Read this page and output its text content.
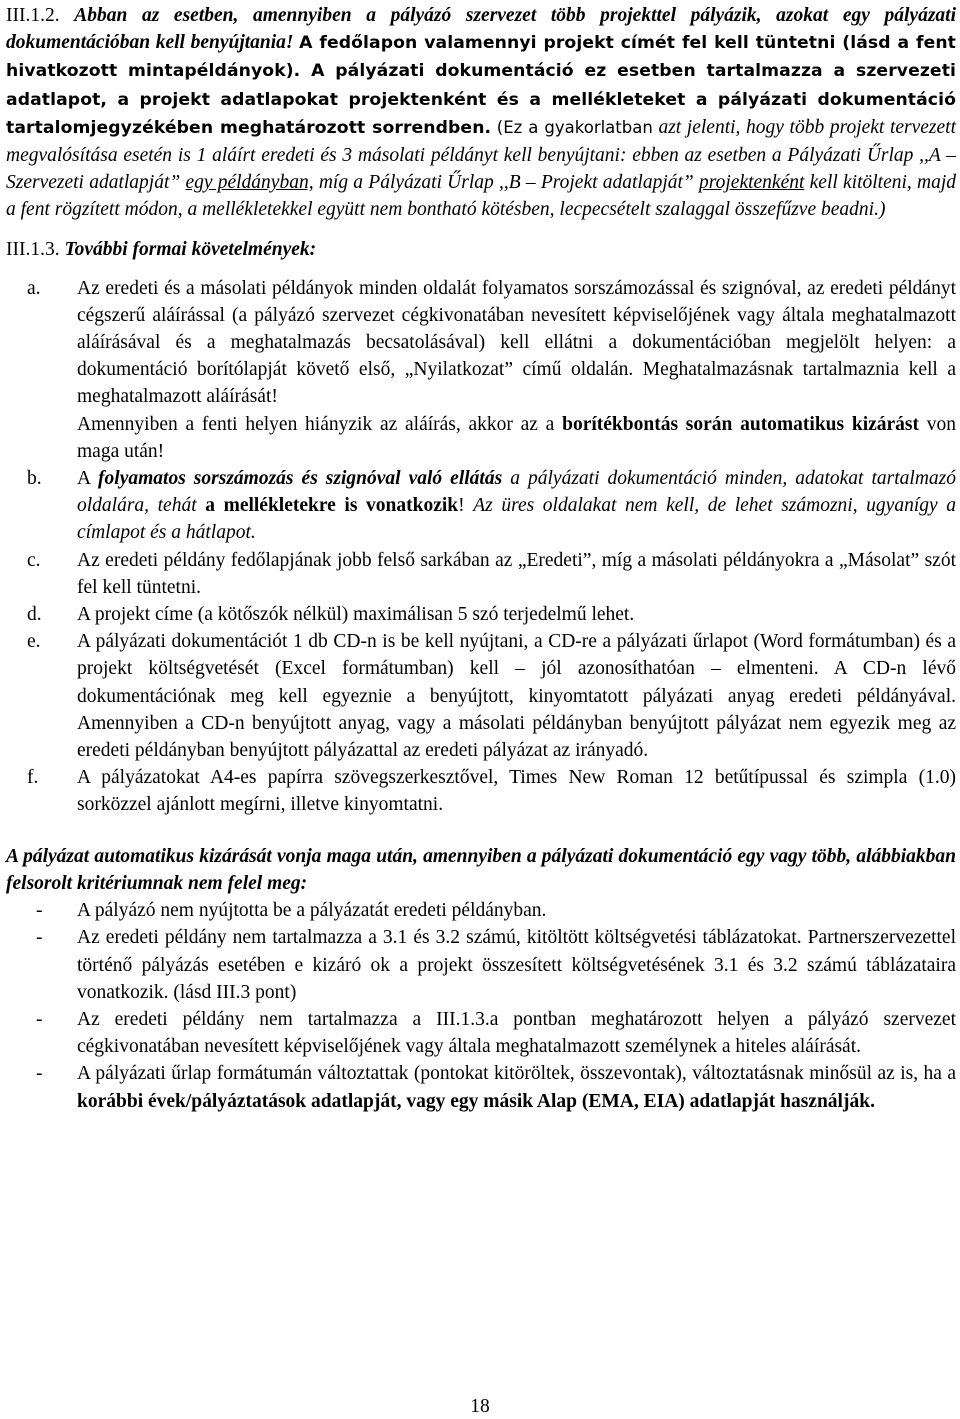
III.1.2. Abban az esetben, amennyiben a pályázó szervezet több projekttel pályázik, azokat egy pályázati dokumentációban kell benyújtania! A fedőlapon valamennyi projekt címét fel kell tüntetni (lásd a fent hivatkozott mintapéldányok). A pályázati dokumentáció ez esetben tartalmazza a szervezeti adatlapot, a projekt adatlapokat projektenként és a mellékleteket a pályázati dokumentáció tartalomjegyzékében meghatározott sorrendben. (Ez a gyakorlatban azt jelenti, hogy több projekt tervezett megvalósítása esetén is 1 aláírt eredeti és 3 másolati példányt kell benyújtani: ebben az esetben a Pályázati Űrlap ,,A – Szervezeti adatlapját” egy példányban, míg a Pályázati Űrlap ,,B – Projekt adatlapját” projektenként kell kitölteni, majd a fent rögzített módon, a mellékletekkel együtt nem bontható kötésben, lecpecsételt szalaggal összefűzve beadni.)

III.1.3. További formai követelmények:

a. Az eredeti és a másolati példányok minden oldalát folyamatos sorszámozással és szignóval, az eredeti példányt cégszerű aláírással (a pályázó szervezet cégkivonatában nevesített képviselőjének vagy általa meghatalmazott aláírásával és a meghatalmazás becsatolásával) kell ellátni a dokumentációban megjelölt helyen: a dokumentáció borítólapját követő első, „Nyilatkozat” című oldalán. Meghatalmazásnak tartalmaznia kell a meghatalmazott aláírását!
Amennyiben a fenti helyen hiányzik az aláírás, akkor az a borítékbontás során automatikus kizárást von maga után!
b. A folyamatos sorszámozás és szignóval való ellátás a pályázati dokumentáció minden, adatokat tartalmazó oldalára, tehát a mellékletekre is vonatkozik! Az üres oldalakat nem kell, de lehet számozni, ugyanígy a címlapot és a hátlapot.
c. Az eredeti példány fedőlapjának jobb felső sarkában az „Eredeti”, míg a másolati példányokra a „Másolat” szót fel kell tüntetni.
d. A projekt címe (a kötőszók nélkül) maximálisan 5 szó terjedelmű lehet.
e. A pályázati dokumentációt 1 db CD-n is be kell nyújtani, a CD-re a pályázati űrlapot (Word formátumban) és a projekt költségvetését (Excel formátumban) kell – jól azonosíthatóan – elmenteni. A CD-n lévő dokumentációnak meg kell egyeznie a benyújtott, kinyomtatott pályázati anyag eredeti példányával. Amennyiben a CD-n benyújtott anyag, vagy a másolati példányban benyújtott pályázat nem egyezik meg az eredeti példányban benyújtott pályázattal az eredeti pályázat az irányadó.
f. A pályázatokat A4-es papírra szövegszerkesztővel, Times New Roman 12 betűtípussal és szimpla (1.0) sorközzel ajánlott megírni, illetve kinyomtatni.

A pályázat automatikus kizárását vonja maga után, amennyiben a pályázati dokumentáció egy vagy több, alábbiakban felsorolt kritériumnak nem felel meg:

- A pályázó nem nyújtotta be a pályázatát eredeti példányban.
- Az eredeti példány nem tartalmazza a 3.1 és 3.2 számú, kitöltött költségvetési táblázatokat. Partnerszervezettel történő pályázás esetében e kizáró ok a projekt összesített költségvetésének 3.1 és 3.2 számú táblázataira vonatkozik. (lásd III.3 pont)
- Az eredeti példány nem tartalmazza a III.1.3.a pontban meghatározott helyen a pályázó szervezet cégkivonatában nevesített képviselőjének vagy általa meghatalmazott személynek a hiteles aláírását.
- A pályázati űrlap formátumán változtattak (pontokat kitöröltek, összevontak), változtatásnak minősül az is, ha a korábbi évek/pályáztatások adatlapját, vagy egy másik Alap (EMA, EIA) adatlapját használják.
18
